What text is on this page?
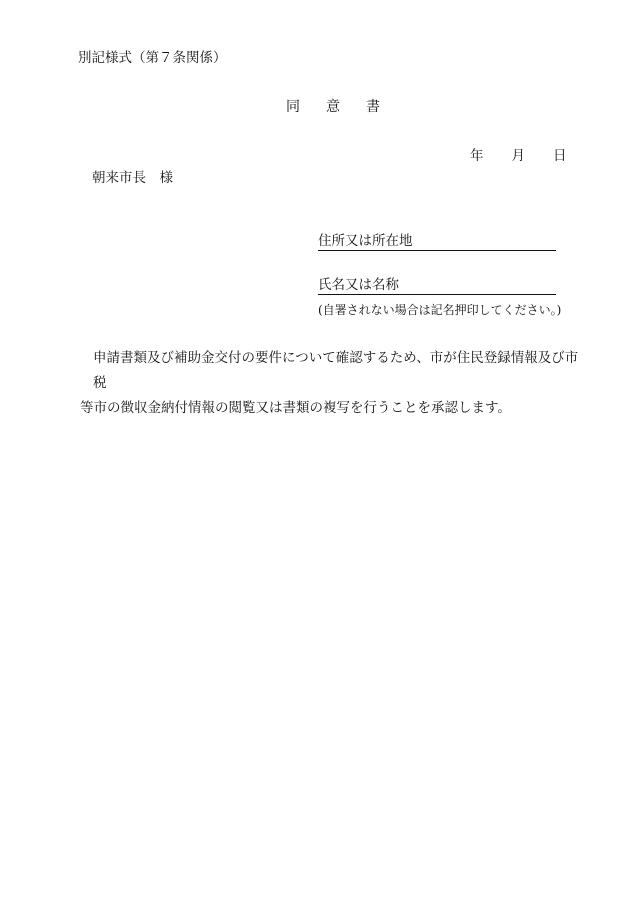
別記様式（第７条関係）
同 意 書
年 月 日
朝来市長　様
住所又は所在地
氏名又は名称
(自署されない場合は記名押印してください。)

申請書類及び補助金交付の要件について確認するため、市が住民登録情報及び市税

等市の徴収金納付情報の閲覧又は書類の複写を行うことを承認します。
